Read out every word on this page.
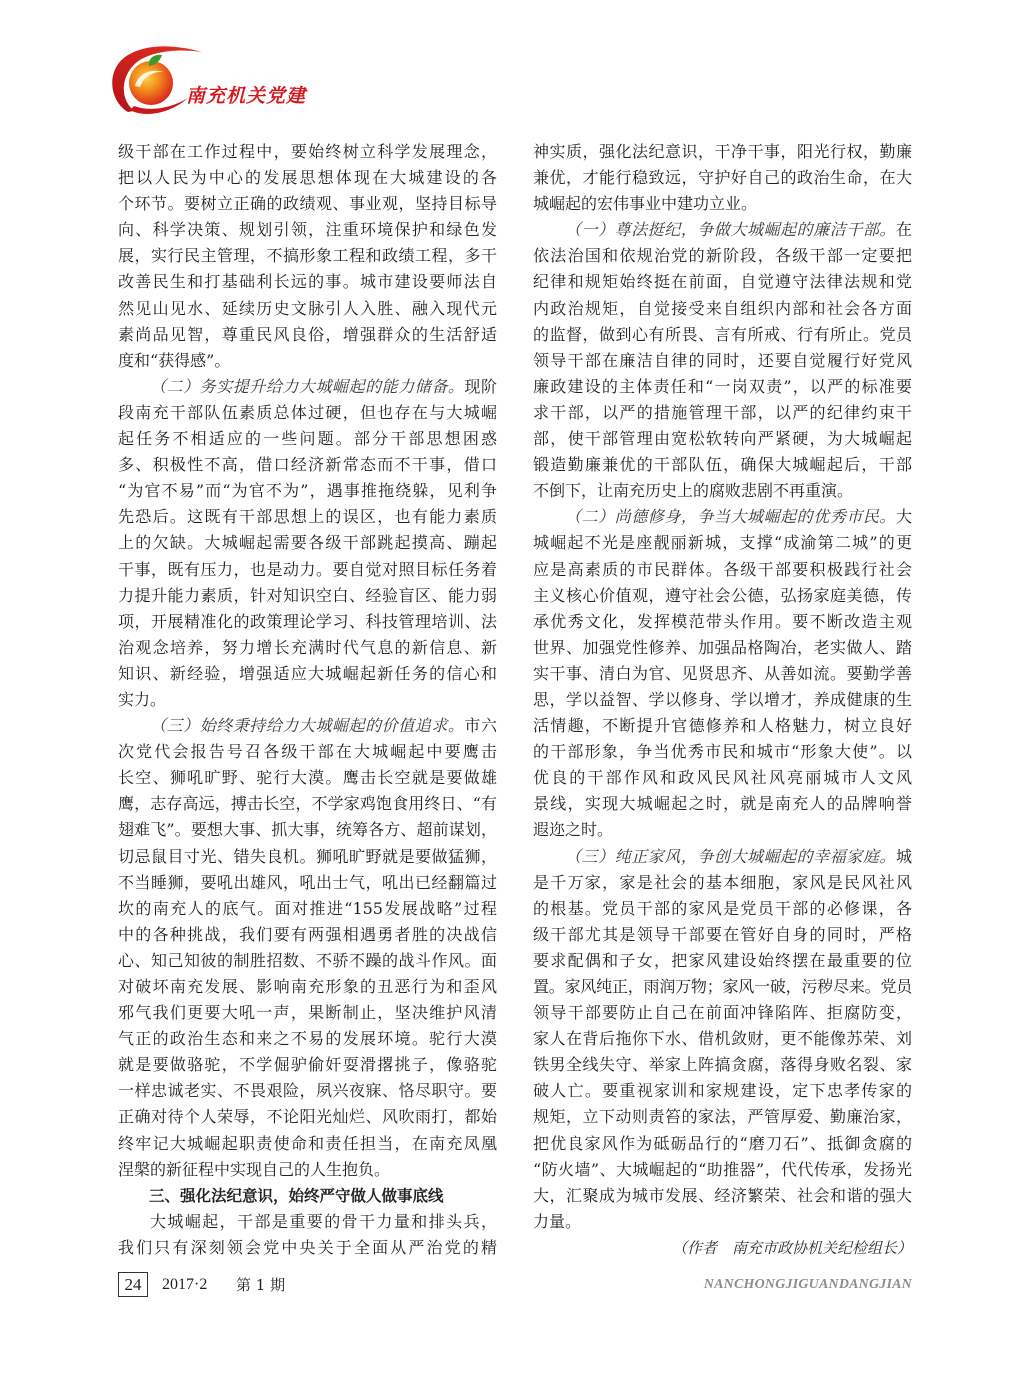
南充机关党建
级干部在工作过程中，要始终树立科学发展理念，
把以人民为中心的发展思想体现在大城建设的各
个环节。要树立正确的政绩观、事业观，坚持目标导
向、科学决策、规划引领，注重环境保护和绿色发
展，实行民主管理，不搞形象工程和政绩工程，多干
改善民生和打基础利长远的事。城市建设要师法自
然见山见水、延续历史文脉引人入胜、融入现代元
素尚品见智，尊重民风良俗，增强群众的生活舒适
度和“获得感”。
（二）务实提升给力大城崛起的能力储备。现阶
段南充干部队伍素质总体过硬，但也存在与大城崛
起任务不相适应的一些问题。部分干部思想困惑
多、积极性不高，借口经济新常态而不干事，借口
“为官不易”而“为官不为”，遇事推拖绕躲，见利争
先恐后。这既有干部思想上的误区，也有能力素质
上的欠缺。大城崛起需要各级干部跳起摸高、蹦起
干事，既有压力，也是动力。要自觉对照目标任务着
力提升能力素质，针对知识空白、经验盲区、能力弱
项，开展精准化的政策理论学习、科技管理培训、法
治观念培养，努力增长充满时代气息的新信息、新
知识、新经验，增强适应大城崛起新任务的信心和
实力。
（三）始终秉持给力大城崛起的价值追求。市六
次党代会报告号召各级干部在大城崛起中要鹰击
长空、狮吼旷野、驼行大漠。鹰击长空就是要做雄
鹰，志存高远，搏击长空，不学家鸡饱食用终日、“有
翅难飞”。要想大事、抓大事，统筹各方、超前谋划，
切忌鼠目寸光、错失良机。狮吼旷野就是要做猛狮，
不当睡狮，要吼出雄风，吼出士气，吼出已经翻篇过
坎的南充人的底气。面对推进“155发展战略”过程
中的各种挑战，我们要有两强相遇勇者胜的决战信
心、知己知彼的制胜招数、不骄不躁的战斗作风。面
对破坏南充发展、影响南充形象的丑恶行为和歪风
邪气我们更要大吼一声，果断制止，坚决维护风清
气正的政治生态和来之不易的发展环境。驼行大漠
就是要做骆驼，不学倔驴偷奸耍滑撂挑子，像骆驼
一样忠诚老实、不畏艰险，夙兴夜寐、恪尽职守。要
正确对待个人荣辱，不论阳光灿烂、风吹雨打，都始
终牢记大城崛起职责使命和责任担当，在南充凤凰
涅槃的新征程中实现自己的人生抱负。
三、强化法纪意识，始终严守做人做事底线
大城崛起，干部是重要的骨干力量和排头兵，
我们只有深刻领会党中央关于全面从严治党的精
神实质，强化法纪意识，干净干事，阳光行权，勤廉
兼优，才能行稳致远，守护好自己的政治生命，在大
城崛起的宏伟事业中建功立业。
（一）尊法挺纪，争做大城崛起的廉洁干部。在
依法治国和依规治党的新阶段，各级干部一定要把
纪律和规矩始终挺在前面，自觉遵守法律法规和党
内政治规矩，自觉接受来自组织内部和社会各方面
的监督，做到心有所畏、言有所戒、行有所止。党员
领导干部在廉洁自律的同时，还要自觉履行好党风
廉政建设的主体责任和“一岗双责”，以严的标准要
求干部，以严的措施管理干部，以严的纪律约束干
部，使干部管理由宽松软转向严紧硬，为大城崛起
锻造勤廉兼优的干部队伍，确保大城崛起后，干部
不倒下，让南充历史上的腐败悲剧不再重演。
（二）尚德修身，争当大城崛起的优秀市民。大
城崛起不光是座靓丽新城，支撑“成渝第二城”的更
应是高素质的市民群体。各级干部要积极践行社会
主义核心价值观，遵守社会公德，弘扬家庭美德，传
承优秀文化，发挥模范带头作用。要不断改造主观
世界、加强党性修养、加强品格陶冶，老实做人、踏
实干事、清白为官、见贤思齐、从善如流。要勤学善
思，学以益智、学以修身、学以增才，养成健康的生
活情趣，不断提升官德修养和人格魅力，树立良好
的干部形象，争当优秀市民和城市“形象大使”。以
优良的干部作风和政风民风社风亮丽城市人文风
景线，实现大城崛起之时，就是南充人的品牌响誉
遐迩之时。
（三）纯正家风，争创大城崛起的幸福家庭。城
是千万家，家是社会的基本细胞，家风是民风社风
的根基。党员干部的家风是党员干部的必修课，各
级干部尤其是领导干部要在管好自身的同时，严格
要求配偶和子女，把家风建设始终摆在最重要的位
置。家风纯正，雨润万物；家风一破，污秽尽来。党员
领导干部要防止自己在前面冲锋陷阵、拒腐防变，
家人在背后拖你下水、借机敛财，更不能像苏荣、刘
铁男全线失守、举家上阵搞贪腐，落得身败名裂、家
破人亡。要重视家训和家规建设，定下忠孝传家的
规矩，立下动则责笞的家法，严管厚爱、勤廉治家，
把优良家风作为砥砺品行的“磨刀石”、抵御贪腐的
“防火墙”、大城崛起的“助推器”，代代传承，发扬光
大，汇聚成为城市发展、经济繁荣、社会和谐的强大
力量。
（作者　南充市政协机关纪检组长）
24	2017·2 第 1 期	NANCHONGJIGUANDANGJIAN
